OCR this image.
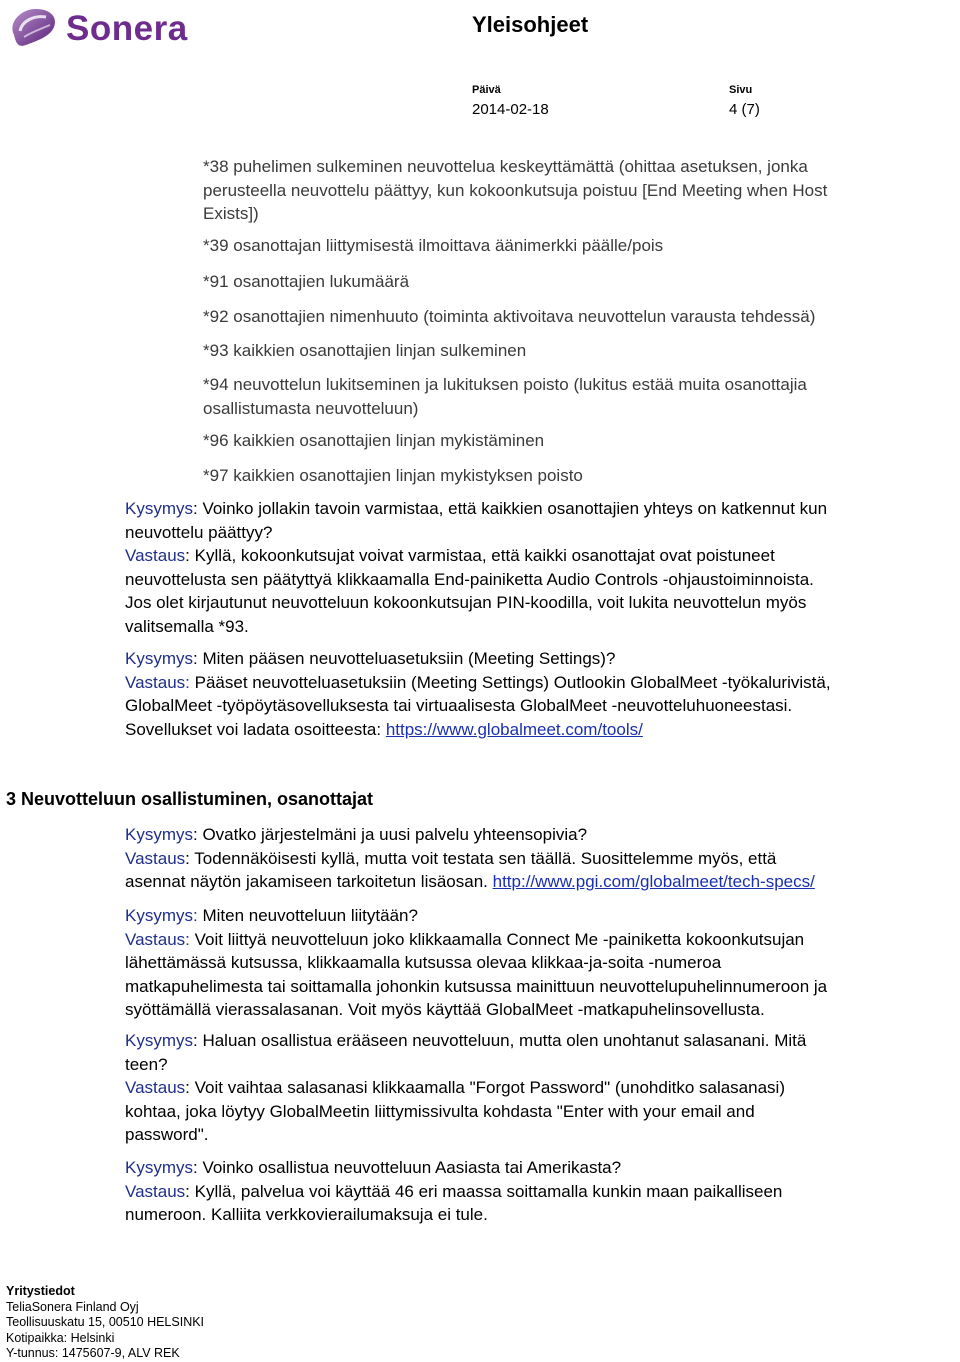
Sonera	Yleisohjeet
Päivä
2014-02-18
Sivu
4 (7)
*38 puhelimen sulkeminen neuvottelua keskeyttämättä (ohittaa asetuksen, jonka
perusteella neuvottelu päättyy, kun kokoonkutsuja poistuu [End Meeting when Host
Exists])
*39 osanottajan liittymisestä ilmoittava äänimerkki päälle/pois
*91 osanottajien lukumäärä
*92 osanottajien nimenhuuto (toiminta aktivoitava neuvottelun varausta tehdessä)
*93 kaikkien osanottajien linjan sulkeminen
*94 neuvottelun lukitseminen ja lukituksen poisto (lukitus estää muita osanottajia
osallistumasta neuvotteluun)
*96 kaikkien osanottajien linjan mykistäminen
*97 kaikkien osanottajien linjan mykistyksen poisto
Kysymys: Voinko jollakin tavoin varmistaa, että kaikkien osanottajien yhteys on katkennut kun
neuvottelu päättyy?
Vastaus: Kyllä, kokoonkutsujat voivat varmistaa, että kaikki osanottajat ovat poistuneet
neuvottelusta sen päätyttyä klikkaamalla End-painiketta Audio Controls -ohjaustoiminnoista.
Jos olet kirjautunut neuvotteluun kokoonkutsujan PIN-koodilla, voit lukita neuvottelun myös
valitsemalla *93.
Kysymys: Miten pääsen neuvotteluasetuksiin (Meeting Settings)?
Vastaus: Pääset neuvotteluasetuksiin (Meeting Settings) Outlookin GlobalMeet -työkalurivistä,
GlobalMeet -työpöytäsovelluksesta tai virtuaalisesta GlobalMeet -neuvotteluhuoneestasi.
Sovellukset voi ladata osoitteesta: https://www.globalmeet.com/tools/
3 Neuvotteluun osallistuminen, osanottajat
Kysymys: Ovatko järjestelmäni ja uusi palvelu yhteensopivia?
Vastaus: Todennäköisesti kyllä, mutta voit testata sen täällä. Suosittelemme myös, että
asennat näytön jakamiseen tarkoitetun lisäosan. http://www.pgi.com/globalmeet/tech-specs/
Kysymys: Miten neuvotteluun liitytään?
Vastaus: Voit liittyä neuvotteluun joko klikkaamalla Connect Me -painiketta kokoonkutsujan
lähettämässä kutsussa, klikkaamalla kutsussa olevaa klikkaa-ja-soita -numeroa
matkapuhelimesta tai soittamalla johonkin kutsussa mainittuun neuvottelupuhelinnumeroon ja
syöttämällä vierassalasanan. Voit myös käyttää GlobalMeet -matkapuhelinsovellusta.
Kysymys: Haluan osallistua erääseen neuvotteluun, mutta olen unohtanut salasanani. Mitä
teen?
Vastaus: Voit vaihtaa salasanasi klikkaamalla "Forgot Password" (unohditko salasanasi)
kohtaa, joka löytyy GlobalMeetin liittymissivulta kohdasta "Enter with your email and
password".
Kysymys: Voinko osallistua neuvotteluun Aasiasta tai Amerikasta?
Vastaus: Kyllä, palvelua voi käyttää 46 eri maassa soittamalla kunkin maan paikalliseen
numeroon. Kalliita verkkovierailumaksuja ei tule.
Yritystiedot
TeliaSonera Finland Oyj
Teollisuuskatu 15, 00510 HELSINKI
Kotipaikka: Helsinki
Y-tunnus: 1475607-9, ALV REK
